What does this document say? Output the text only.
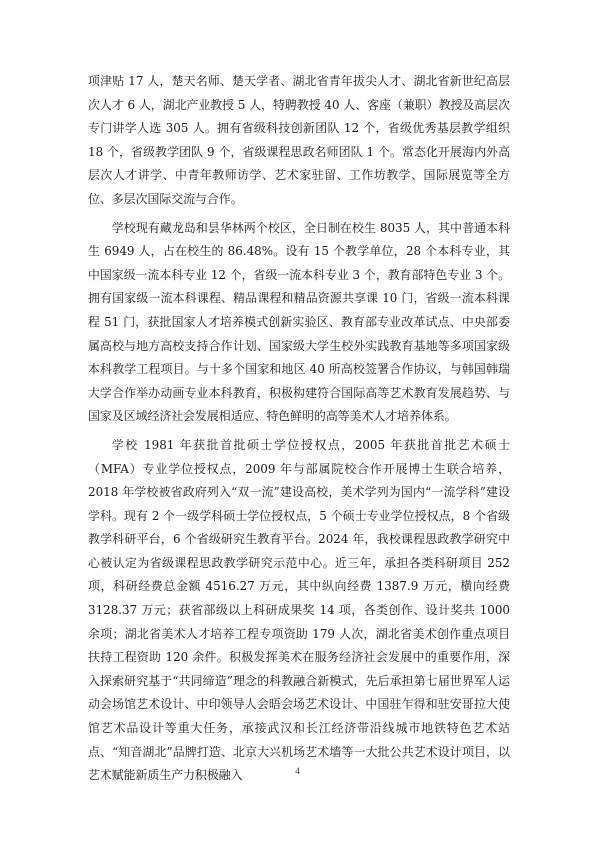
项津贴 17 人，楚天名师、楚天学者、湖北省青年拔尖人才、湖北省新世纪高层次人才 6 人，湖北产业教授 5 人，特聘教授 40 人、客座（兼职）教授及高层次专门讲学人选 305 人。拥有省级科技创新团队 12 个，省级优秀基层教学组织 18 个，省级教学团队 9 个，省级课程思政名师团队 1 个。常态化开展海内外高层次人才讲学、中青年教师访学、艺术家驻留、工作坊教学、国际展览等全方位、多层次国际交流与合作。

学校现有藏龙岛和昙华林两个校区，全日制在校生 8035 人，其中普通本科生 6949 人，占在校生的 86.48%。设有 15 个教学单位，28 个本科专业，其中国家级一流本科专业 12 个，省级一流本科专业 3 个，教育部特色专业 3 个。拥有国家级一流本科课程、精品课程和精品资源共享课 10 门，省级一流本科课程 51 门，获批国家人才培养模式创新实验区、教育部专业改革试点、中央部委属高校与地方高校支持合作计划、国家级大学生校外实践教育基地等多项国家级本科教学工程项目。与十多个国家和地区 40 所高校签署合作协议，与韩国韩瑞大学合作举办动画专业本科教育，积极构建符合国际高等艺术教育发展趋势、与国家及区域经济社会发展相适应、特色鲜明的高等美术人才培养体系。

学校 1981 年获批首批硕士学位授权点，2005 年获批首批艺术硕士（MFA）专业学位授权点，2009 年与部属院校合作开展博士生联合培养，2018 年学校被省政府列入“双一流”建设高校，美术学列为国内“一流学科”建设学科。现有 2 个一级学科硕士学位授权点，5 个硕士专业学位授权点，8 个省级教学科研平台，6 个省级研究生教育平台。2024 年，我校课程思政教学研究中心被认定为省级课程思政教学研究示范中心。近三年，承担各类科研项目 252 项，科研经费总金额 4516.27 万元，其中纵向经费 1387.9 万元，横向经费 3128.37 万元；获省部级以上科研成果奖 14 项，各类创作、设计奖共 1000 余项；湖北省美术人才培养工程专项资助 179 人次，湖北省美术创作重点项目扶持工程资助 120 余件。积极发挥美术在服务经济社会发展中的重要作用，深入探索研究基于“共同缔造”理念的科教融合新模式，先后承担第七届世界军人运动会场馆艺术设计、中印领导人会晤会场艺术设计、中国驻乍得和驻安哥拉大使馆艺术品设计等重大任务，承接武汉和长江经济带沿线城市地铁特色艺术站点、“知音湖北”品牌打造、北京大兴机场艺术墙等一大批公共艺术设计项目，以艺术赋能新质生产力积极融入	4
